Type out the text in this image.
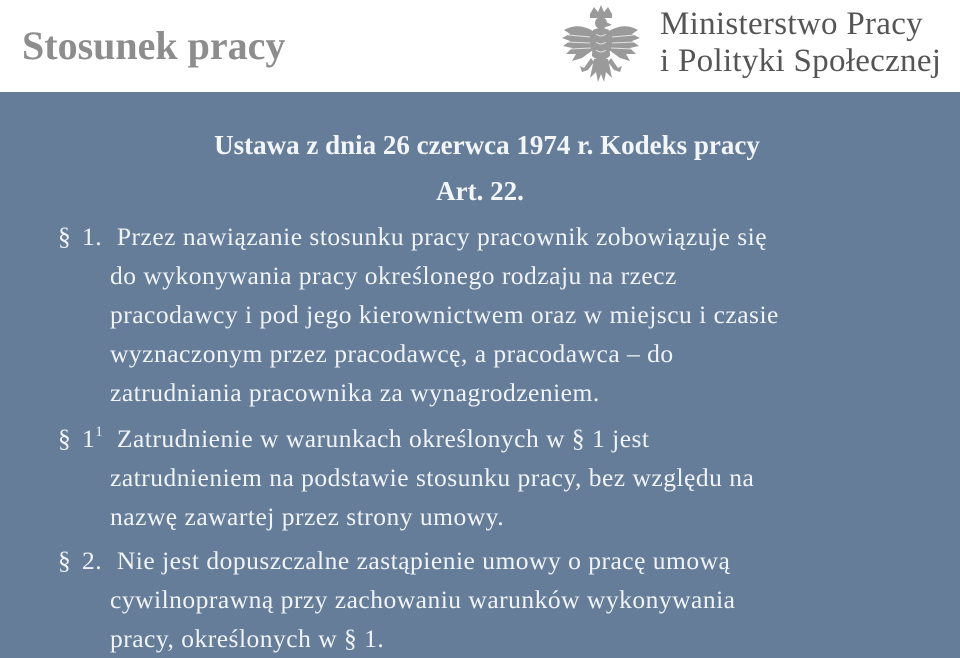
Stosunek pracy	Ministerstwo Pracy
i Polityki Społecznej
Ustawa z dnia 26 czerwca 1974 r. Kodeks pracy
Art. 22.
§ 1. Przez nawiązanie stosunku pracy pracownik zobowiązuje się
do wykonywania pracy określonego rodzaju na rzecz
pracodawcy i pod jego kierownictwem oraz w miejscu i czasie
wyznaczonym przez pracodawcę, a pracodawca – do
zatrudniania pracownika za wynagrodzeniem.
§ $1^1$ Zatrudnienie w warunkach określonych w § 1 jest
zatrudnieniem na podstawie stosunku pracy, bez względu na
nazwę zawartej przez strony umowy.
§ 2. Nie jest dopuszczalne zastąpienie umowy o pracę umową
cywilnoprawną przy zachowaniu warunków wykonywania
pracy, określonych w § 1.
